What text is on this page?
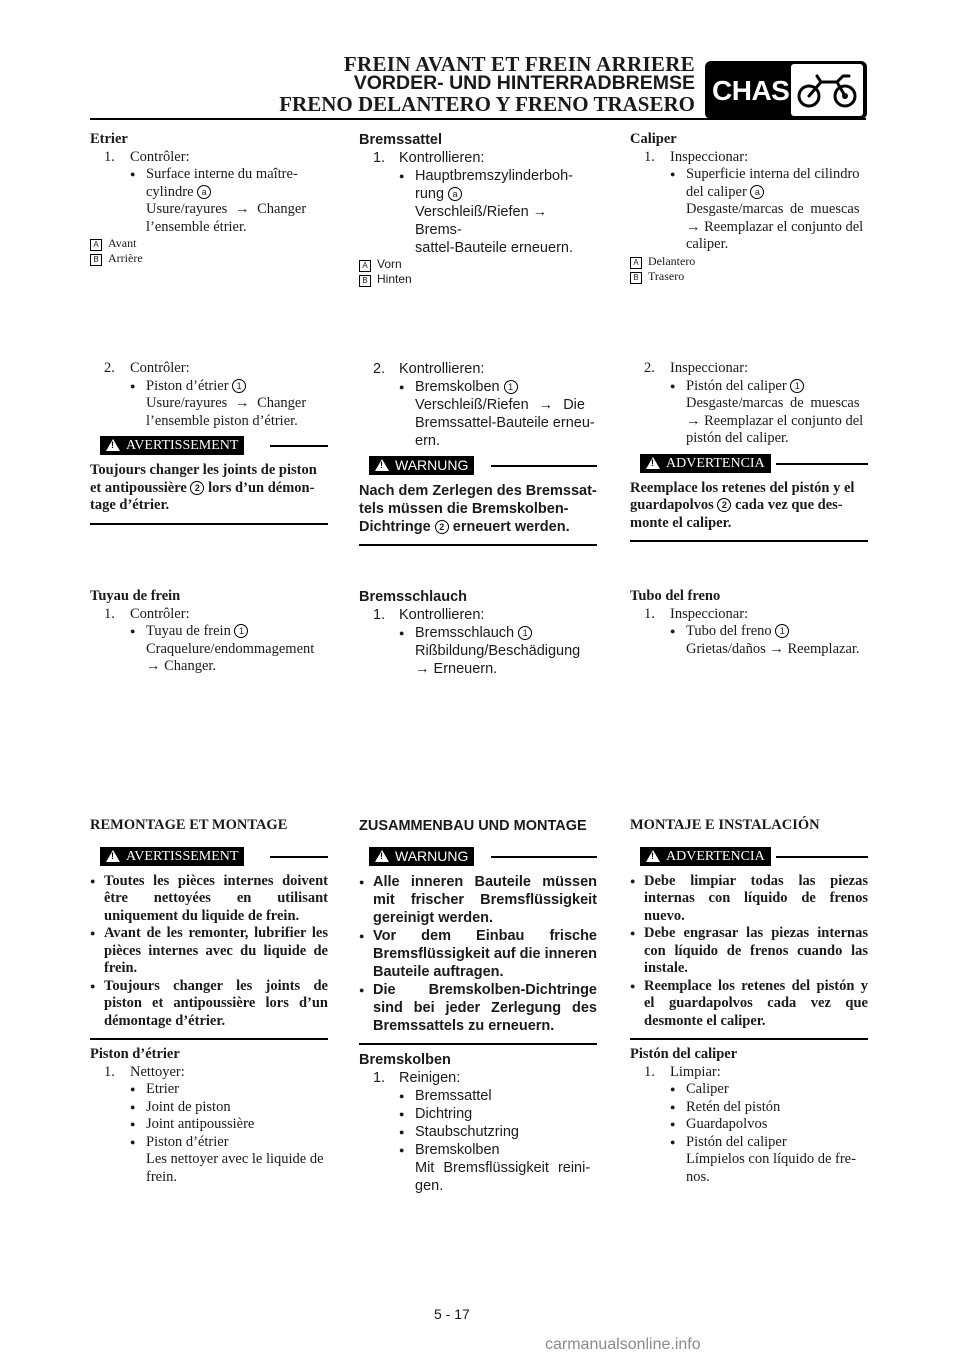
FREIN AVANT ET FREIN ARRIERE
VORDER- UND HINTERRADBREMSE
FRENO DELANTERO Y FRENO TRASERO CHAS
Etrier
1. Contrôler:
● Surface interne du maître-
cylindre a
Usure/rayures → Changer
l’ensemble étrier.
A Avant
B Arrière
2. Contrôler:
● Piston d’étrier 1
Usure/rayures → Changer
l’ensemble piston d’étrier.
!
AVERTISSEMENT
Toujours changer les joints de piston
et antipoussière 2 lors d’un démon-
tage d’étrier.
Tuyau de frein
1. Contrôler:
● Tuyau de frein 1
Craquelure/endommagement
→ Changer.
REMONTAGE ET MONTAGE
!
AVERTISSEMENT
● Toutes les pièces internes doivent être nettoyées en utilisant uniquement du liquide de frein.
● Avant de les remonter, lubrifier les pièces internes avec du liquide de frein.
● Toujours changer les joints de piston et antipoussière lors d’un démontage d’étrier.
Piston d’étrier
1. Nettoyer:
● Etrier
● Joint de piston
● Joint antipoussière
● Piston d’étrier
Les nettoyer avec le liquide de
frein.
Bremssattel
1. Kontrollieren:
● Hauptbremszylinderboh-
rung a
Verschleiß/Riefen → Brems-
sattel-Bauteile erneuern.
A Vorn
B Hinten
2. Kontrollieren:
● Bremskolben 1
Verschleiß/Riefen → Die
Bremssattel-Bauteile erneu-
ern.
!
WARNUNG
Nach dem Zerlegen des Bremssat-
tels müssen die Bremskolben-
Dichtringe 2 erneuert werden.
Bremsschlauch
1. Kontrollieren:
● Bremsschlauch 1
Rißbildung/Beschädigung
→ Erneuern.
ZUSAMMENBAU UND MONTAGE
!
WARNUNG
● Alle inneren Bauteile müssen mit frischer Bremsflüssigkeit gereinigt werden.
● Vor dem Einbau frische Bremsflüssigkeit auf die inneren Bauteile auftragen.
● Die Bremskolben-Dichtringe sind bei jeder Zerlegung des Bremssattels zu erneuern.
Bremskolben
1. Reinigen:
● Bremssattel
● Dichtring
● Staubschutzring
● Bremskolben
Mit Bremsflüssigkeit reini-
gen.
Caliper
1. Inspeccionar:
● Superficie interna del cilindro
del caliper a
Desgaste/marcas de muescas
→ Reemplazar el conjunto del
caliper.
A Delantero
B Trasero
2. Inspeccionar:
● Pistón del caliper 1
Desgaste/marcas de muescas
→ Reemplazar el conjunto del
pistón del caliper.
!
ADVERTENCIA
Reemplace los retenes del pistón y el
guardapolvos 2 cada vez que des-
monte el caliper.
Tubo del freno
1. Inspeccionar:
● Tubo del freno 1
Grietas/daños → Reemplazar.
MONTAJE E INSTALACIÓN
!
ADVERTENCIA
● Debe limpiar todas las piezas internas con líquido de frenos nuevo.
● Debe engrasar las piezas internas con líquido de frenos cuando las instale.
● Reemplace los retenes del pistón y el guardapolvos cada vez que desmonte el caliper.
Pistón del caliper
1. Limpiar:
● Caliper
● Retén del pistón
● Guardapolvos
● Pistón del caliper
Límpielos con líquido de fre-
nos.
5 - 17
carmanualsonline.info
